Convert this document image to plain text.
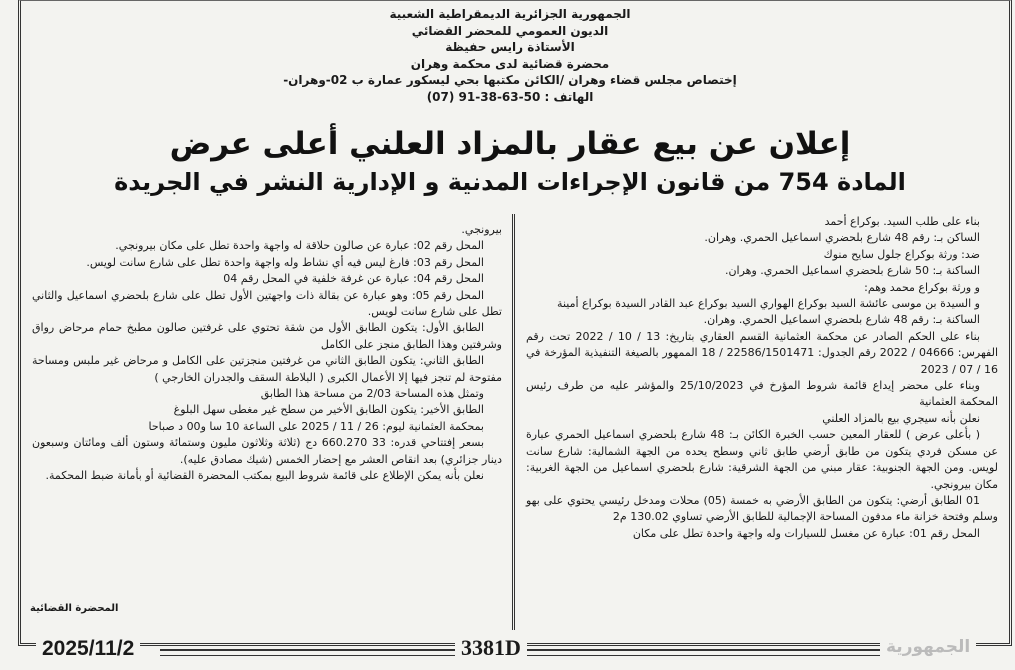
الجمهورية الجزائرية الديمقراطية الشعبية
الديون العمومي للمحضر القضائي
الأستاذة رايس حفيظة
محضرة قضائية لدى محكمة وهران
إختصاص مجلس قضاء وهران /الكائن مكتبها بحي ليسكور عمارة ب 02-وهران-
الهاتف : 50-63-38-91 (07)
إعلان عن بيع عقار بالمزاد العلني أعلى عرض
المادة 754 من قانون الإجراءات المدنية و الإدارية النشر في الجريدة

بناء على طلب السيد. بوكراع أحمد

الساكن بـ: رقم 48 شارع بلحضري اسماعيل الحمري. وهران.

ضد: ورثة بوكراع جلول سايح منوك

الساكنة بـ: 50 شارع بلحضري اسماعيل الحمري. وهران.

و ورثة بوكراع محمد وهم:

و السيدة بن موسى عائشة السيد بوكراع الهواري السيد بوكراع عبد القادر السيدة بوكراع أمينة

الساكنة بـ: رقم 48 شارع بلحضري اسماعيل الحمري. وهران.

بناء على الحكم الصادر عن محكمة العثمانية القسم العقاري بتاريخ: 13 / 10 / 2022 تحت رقم الفهرس: 04666 / 2022 رقم الجدول: 22586/1501471 / 18 الممهور بالصيغة التنفيذية المؤرخة في 16 / 07 / 2023

وبناء على محضر إيداع قائمة شروط المؤرخ في 25/10/2023 والمؤشر عليه من طرف رئيس المحكمة العثمانية

نعلن بأنه سيجري بيع بالمزاد العلني

( بأعلى عرض ) للعقار المعين حسب الخبرة الكائن بـ: 48 شارع بلحضري اسماعيل الحمري عبارة عن مسكن فردي يتكون من طابق أرضي طابق ثاني وسطح يحده من الجهة الشمالية: شارع سانت لويس. ومن الجهة الجنوبية: عقار مبني من الجهة الشرقية: شارع بلحضري اسماعيل من الجهة الغربية: مكان بيرونجي.

01 الطابق أرضي: يتكون من الطابق الأرضي به خمسة (05) محلات ومدخل رئيسي يحتوي على بهو وسلم وفتحة خزانة ماء مدفون المساحة الإجمالية للطابق الأرضي تساوي 130.02 م2

المحل رقم 01: عبارة عن مغسل للسيارات وله واجهة واحدة تطل على مكان

بيرونجي.

المحل رقم 02: عبارة عن صالون حلاقة له واجهة واحدة تطل على مكان بيرونجي.

المحل رقم 03: فارغ ليس فيه أي نشاط وله واجهة واحدة تطل على شارع سانت لويس.

المحل رقم 04: عبارة عن غرفة خلفية في المحل رقم 04

المحل رقم 05: وهو عبارة عن بقالة ذات واجهتين الأول تطل على شارع بلحضري اسماعيل والثاني تطل على شارع سانت لويس.

الطابق الأول: يتكون الطابق الأول من شقة تحتوي على غرفتين صالون مطبخ حمام مرحاض رواق وشرفتين وهذا الطابق منجز على الكامل

الطابق الثاني: يتكون الطابق الثاني من غرفتين منجزتين على الكامل و مرحاض غير ملبس ومساحة مفتوحة لم تنجز فيها إلا الأعمال الكبرى ( البلاطة السقف والجدران الخارجي )

وتمثل هذه المساحة 2/03 من مساحة هذا الطابق

الطابق الأخير: يتكون الطابق الأخير من سطح غير مغطى سهل البلوغ

بمحكمة العثمانية ليوم: 26 / 11 / 2025 على الساعة 10 سا و00 د صباحا

بسعر إفتتاحي قدره: 33 660.270 دج (ثلاثة وثلاثون مليون وستمائة وستون ألف ومائتان وسبعون دينار جزائري) بعد انقاص العشر مع إحضار الخمس (شيك مصادق عليه).

نعلن بأنه يمكن الإطلاع على قائمة شروط البيع بمكتب المحضرة القضائية أو بأمانة ضبط المحكمة.

المحضرة القضائية
2025/11/2	3381D	الجمهورية
